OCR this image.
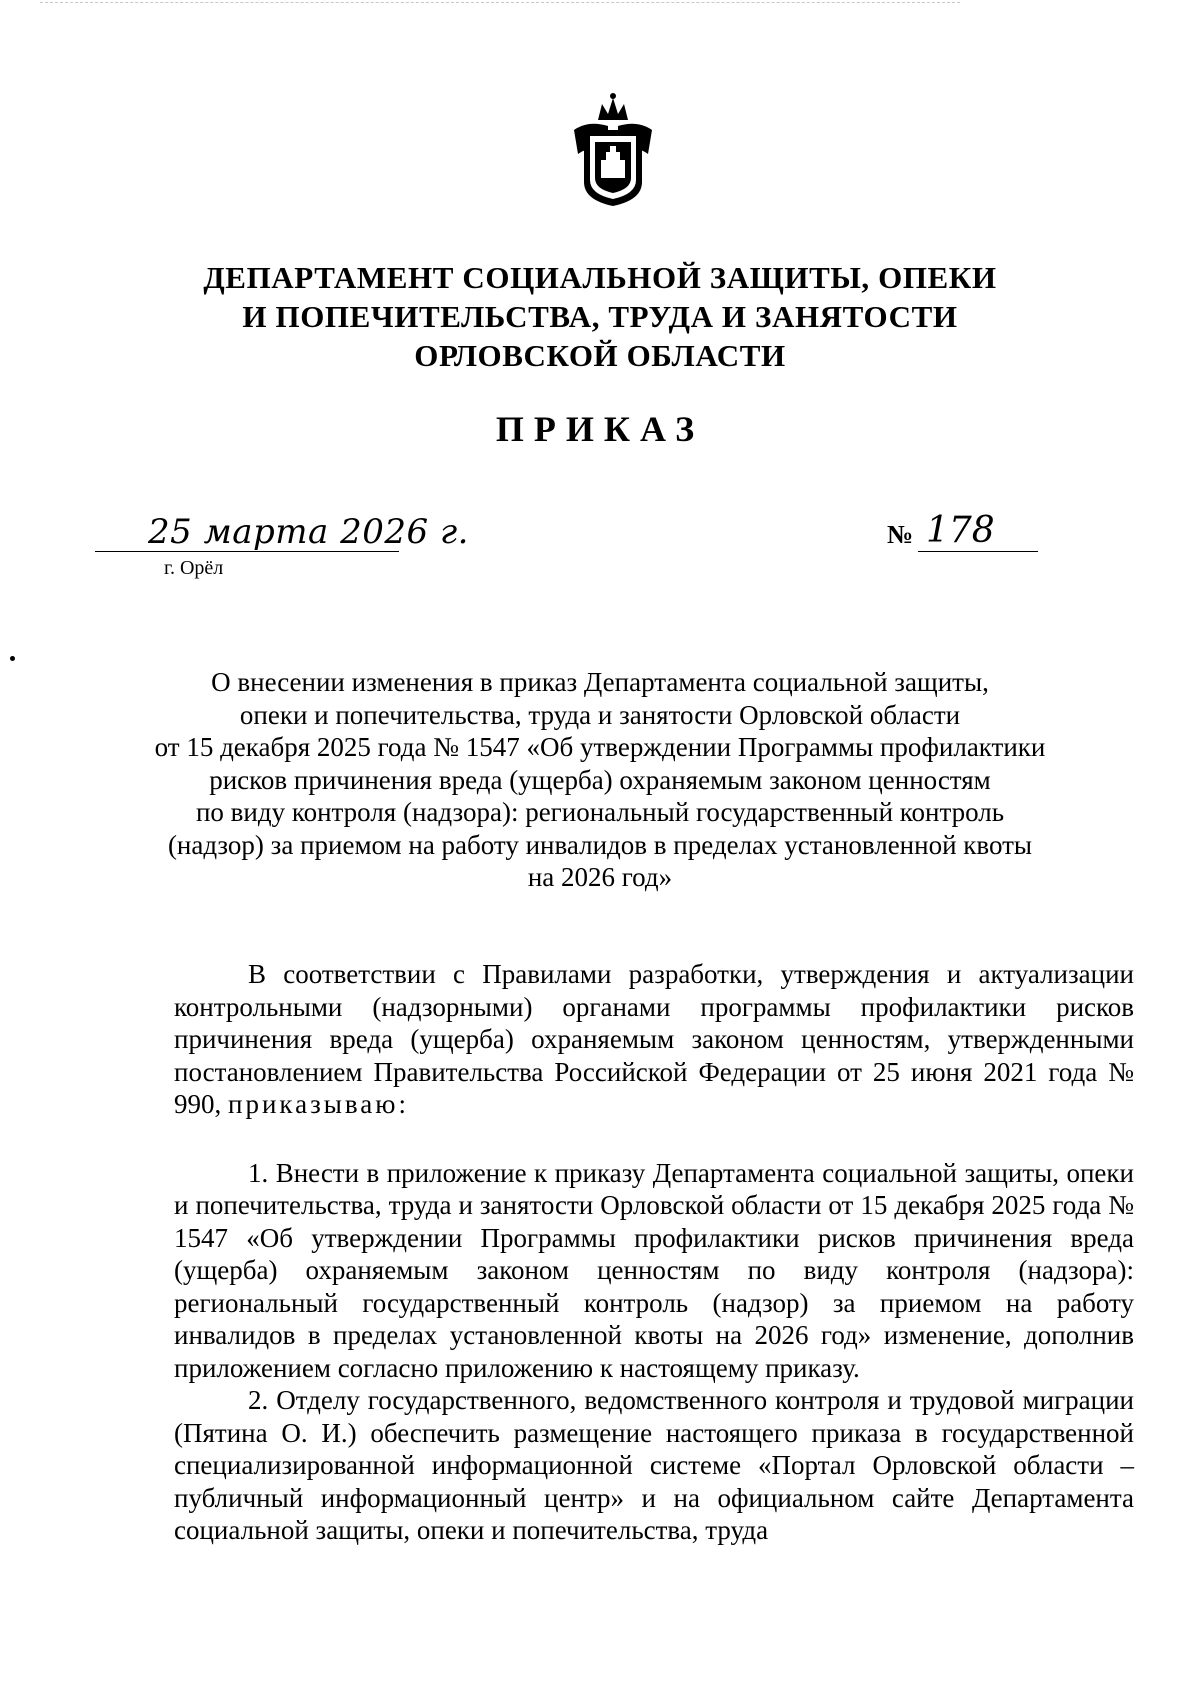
ДЕПАРТАМЕНТ СОЦИАЛЬНОЙ ЗАЩИТЫ, ОПЕКИ
И ПОПЕЧИТЕЛЬСТВА, ТРУДА И ЗАНЯТОСТИ
ОРЛОВСКОЙ ОБЛАСТИ
ПРИКАЗ
25 марта 2026 г.
г. Орёл
№ 178
О внесении изменения в приказ Департамента социальной защиты,
опеки и попечительства, труда и занятости Орловской области
от 15 декабря 2025 года № 1547 «Об утверждении Программы профилактики
рисков причинения вреда (ущерба) охраняемым законом ценностям
по виду контроля (надзора): региональный государственный контроль
(надзор) за приемом на работу инвалидов в пределах установленной квоты
на 2026 год»

В соответствии с Правилами разработки, утверждения и актуализации контрольными (надзорными) органами программы профилактики рисков причинения вреда (ущерба) охраняемым законом ценностям, утвержденными постановлением Правительства Российской Федерации от 25 июня 2021 года № 990, приказываю:

1. Внести в приложение к приказу Департамента социальной защиты, опеки и попечительства, труда и занятости Орловской области от 15 декабря 2025 года № 1547 «Об утверждении Программы профилактики рисков причинения вреда (ущерба) охраняемым законом ценностям по виду контроля (надзора): региональный государственный контроль (надзор) за приемом на работу инвалидов в пределах установленной квоты на 2026 год» изменение, дополнив приложением согласно приложению к настоящему приказу.

2. Отделу государственного, ведомственного контроля и трудовой миграции (Пятина О. И.) обеспечить размещение настоящего приказа в государственной специализированной информационной системе «Портал Орловской области – публичный информационный центр» и на официальном сайте Департамента социальной защиты, опеки и попечительства, труда
